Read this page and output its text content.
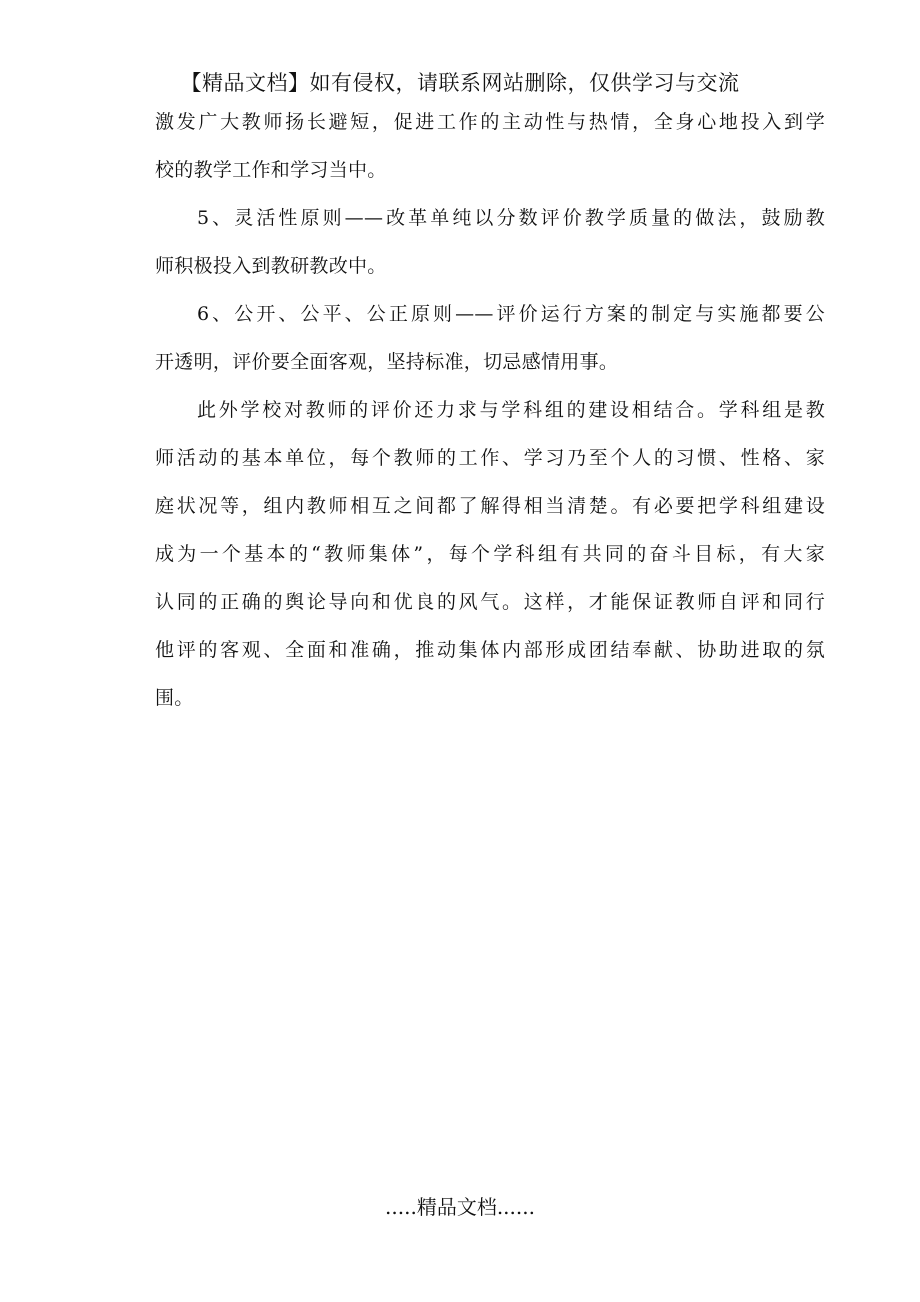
【精品文档】如有侵权，请联系网站删除，仅供学习与交流
激发广大教师扬长避短，促进工作的主动性与热情，全身心地投入到学
校的教学工作和学习当中。
5、灵活性原则——改革单纯以分数评价教学质量的做法，鼓励教
师积极投入到教研教改中。
6、公开、公平、公正原则——评价运行方案的制定与实施都要公
开透明，评价要全面客观，坚持标准，切忌感情用事。
此外学校对教师的评价还力求与学科组的建设相结合。学科组是教
师活动的基本单位，每个教师的工作、学习乃至个人的习惯、性格、家
庭状况等，组内教师相互之间都了解得相当清楚。有必要把学科组建设
成为一个基本的“教师集体”，每个学科组有共同的奋斗目标，有大家
认同的正确的舆论导向和优良的风气。这样，才能保证教师自评和同行
他评的客观、全面和准确，推动集体内部形成团结奉献、协助进取的氛
围。
.....精品文档......
